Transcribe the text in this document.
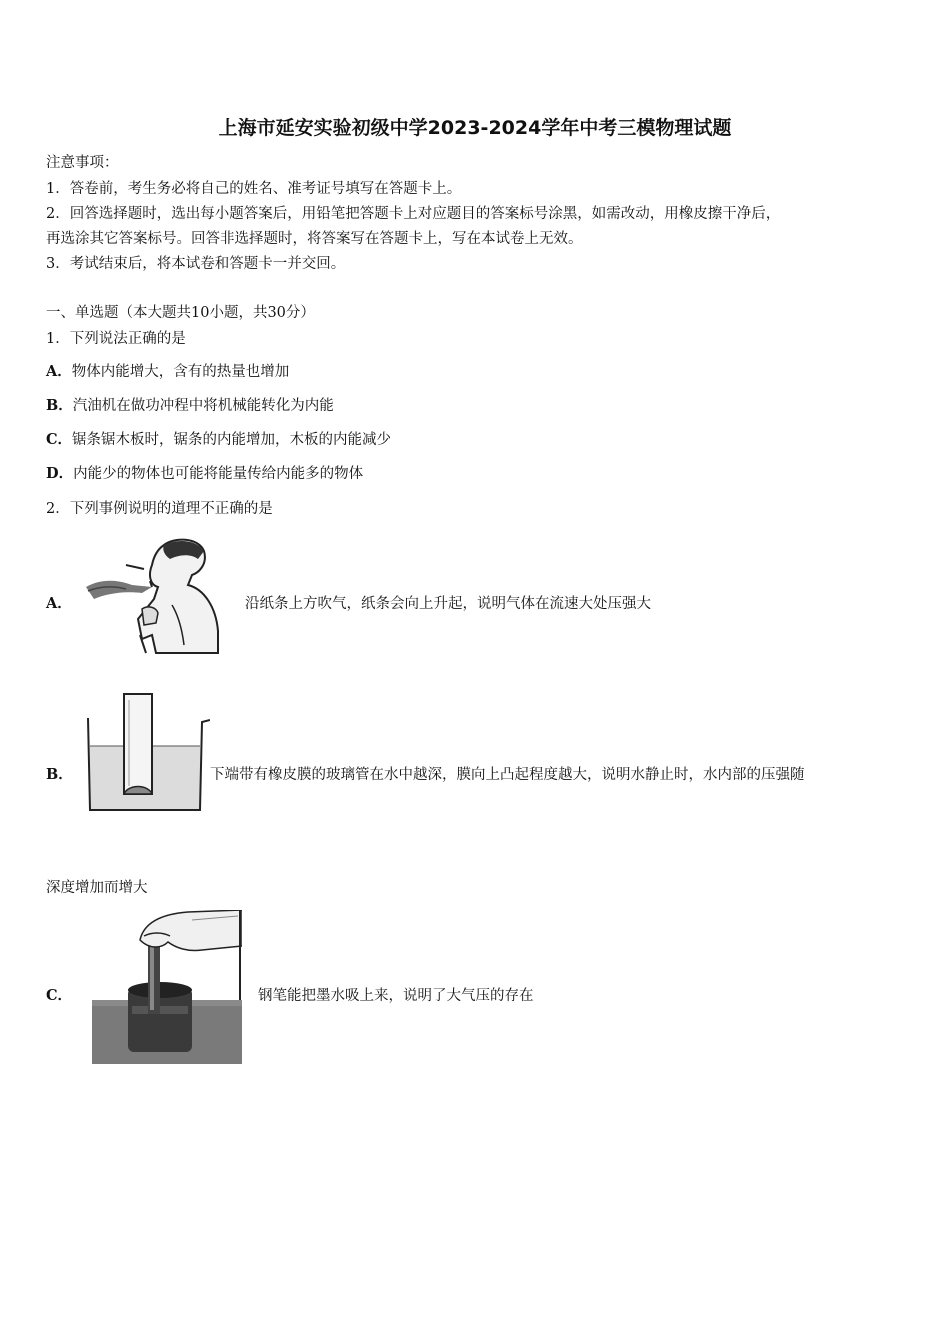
上海市延安实验初级中学2023-2024学年中考三模物理试题
注意事项：
1．答卷前，考生务必将自己的姓名、准考证号填写在答题卡上。
2．回答选择题时，选出每小题答案后，用铅笔把答题卡上对应题目的答案标号涂黑，如需改动，用橡皮擦干净后，
再选涂其它答案标号。回答非选择题时，将答案写在答题卡上，写在本试卷上无效。
3．考试结束后，将本试卷和答题卡一并交回。
一、单选题（本大题共10小题，共30分）
1．下列说法正确的是
A．物体内能增大，含有的热量也增加
B．汽油机在做功冲程中将机械能转化为内能
C．锯条锯木板时，锯条的内能增加，木板的内能减少
D．内能少的物体也可能将能量传给内能多的物体
2．下列事例说明的道理不正确的是
A．	沿纸条上方吹气，纸条会向上升起，说明气体在流速大处压强大
B．	下端带有橡皮膜的玻璃管在水中越深，膜向上凸起程度越大，说明水静止时，水内部的压强随
深度增加而增大
C．	钢笔能把墨水吸上来，说明了大气压的存在
